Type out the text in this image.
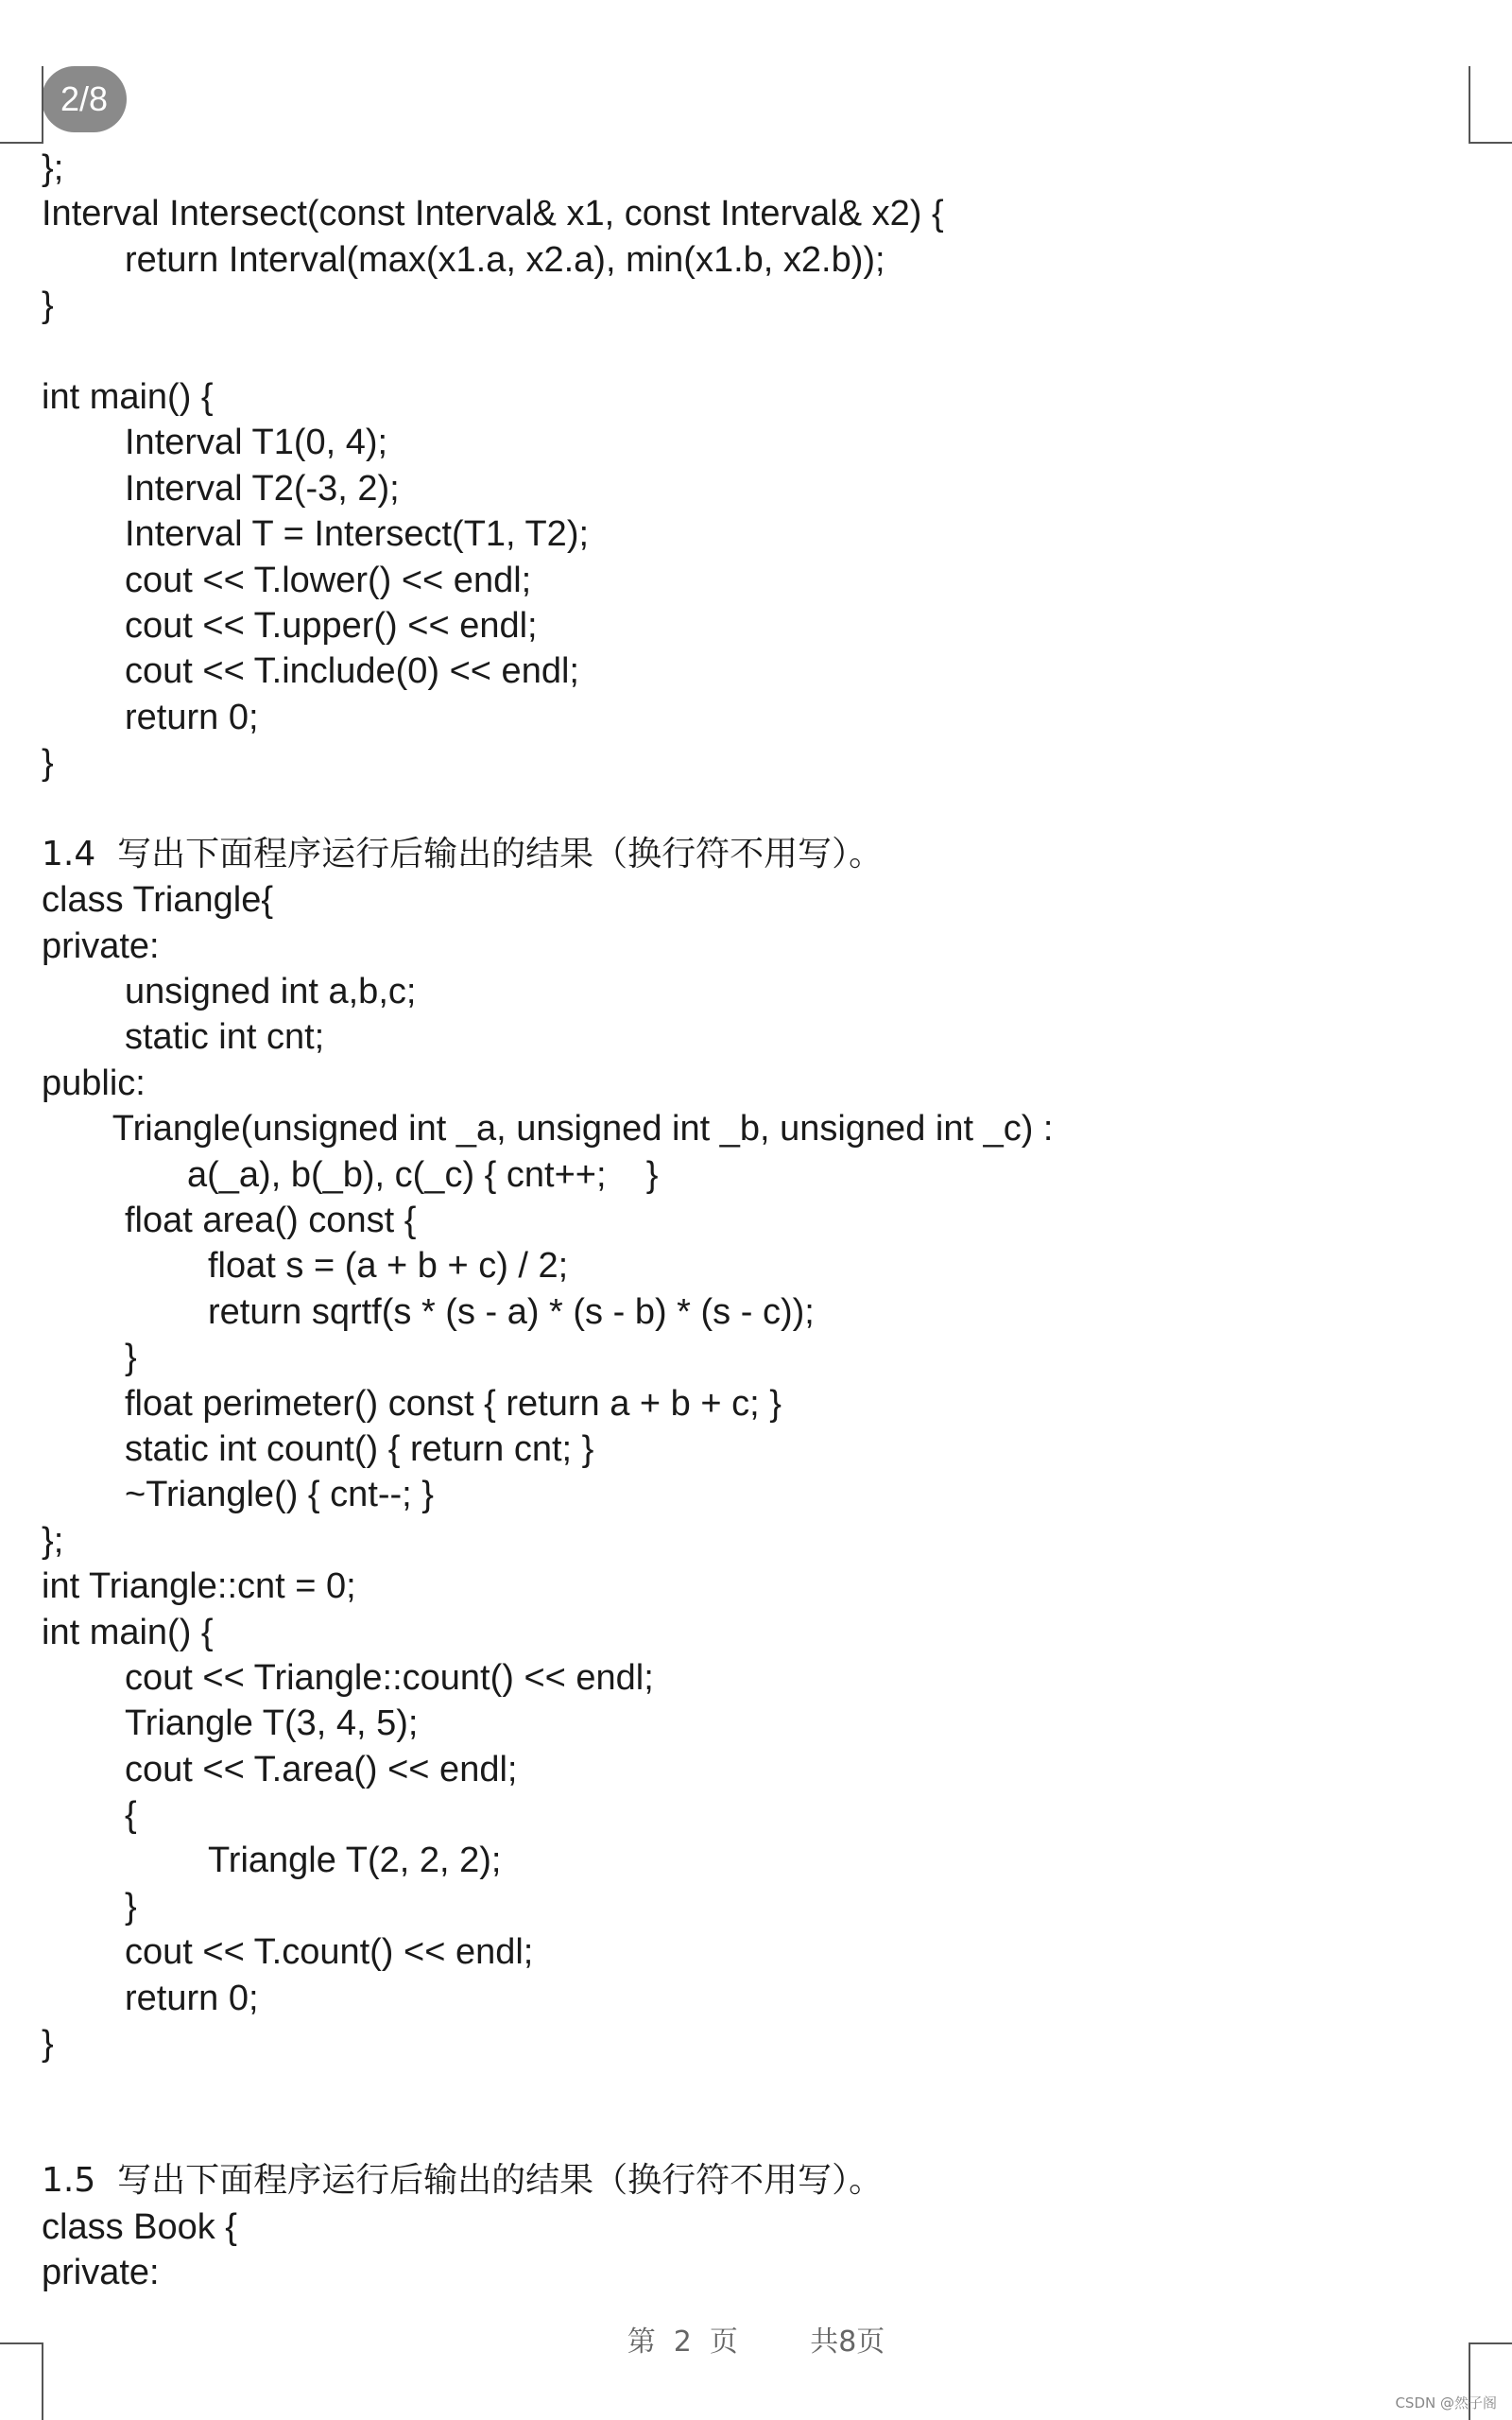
2/8
};
Interval Intersect(const Interval& x1, const Interval& x2) {
return Interval(max(x1.a, x2.a), min(x1.b, x2.b));
}
int main() {
Interval T1(0, 4);
Interval T2(-3, 2);
Interval T = Intersect(T1, T2);
cout << T.lower() << endl;
cout << T.upper() << endl;
cout << T.include(0) << endl;
return 0;
}
1.4  写出下面程序运行后输出的结果（换行符不用写）。
class Triangle{
private:
unsigned int a,b,c;
static int cnt;
public:
Triangle(unsigned int _a, unsigned int _b, unsigned int _c) :
a(_a), b(_b), c(_c) { cnt++;    }
float area() const {
float s = (a + b + c) / 2;
return sqrtf(s * (s - a) * (s - b) * (s - c));
}
float perimeter() const { return a + b + c; }
static int count() { return cnt; }
~Triangle() { cnt--; }
};
int Triangle::cnt = 0;
int main() {
cout << Triangle::count() << endl;
Triangle T(3, 4, 5);
cout << T.area() << endl;
{
Triangle T(2, 2, 2);
}
cout << T.count() << endl;
return 0;
}
1.5  写出下面程序运行后输出的结果（换行符不用写）。
class Book {
private:
第  2  页        共8页
CSDN @然子阁
